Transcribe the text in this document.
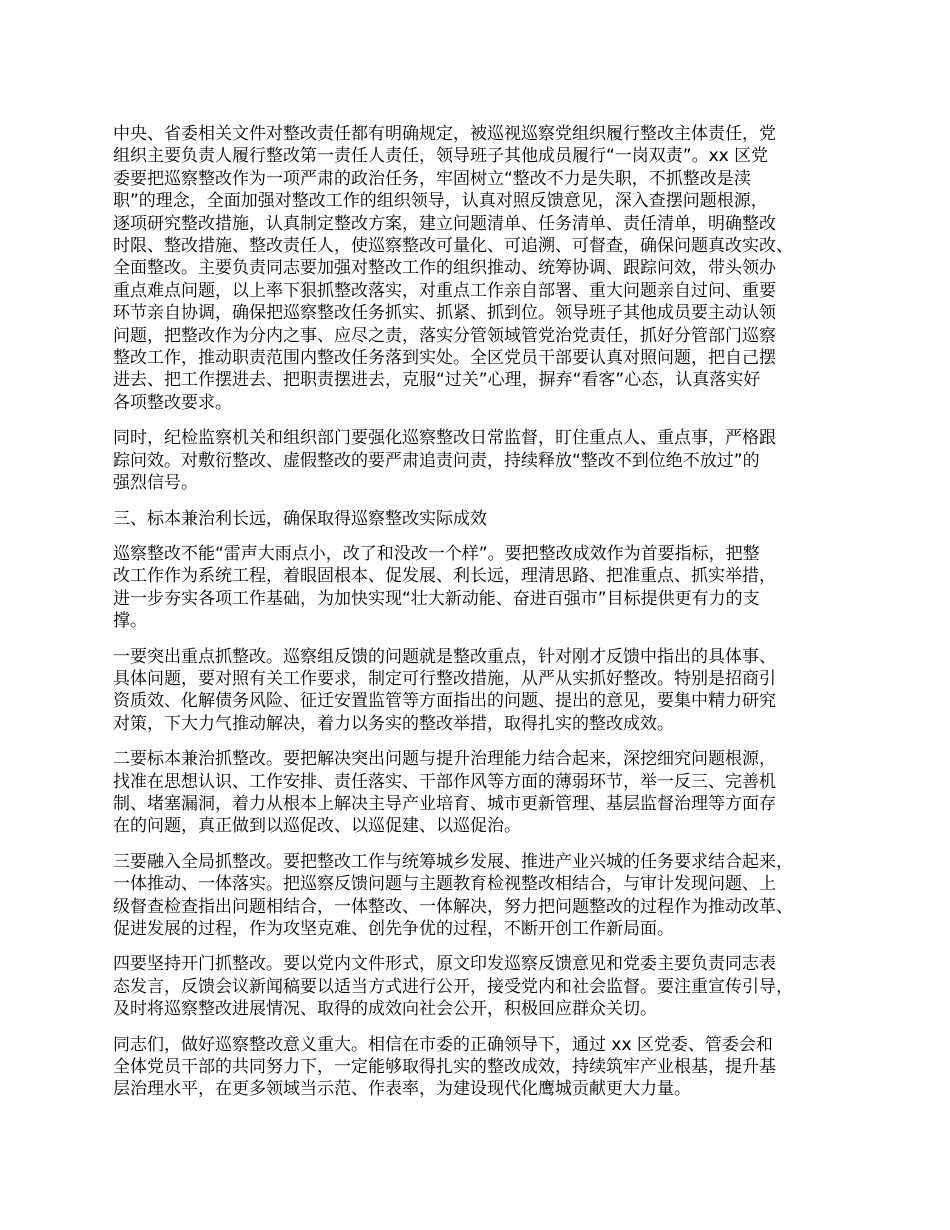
中央、省委相关文件对整改责任都有明确规定，被巡视巡察党组织履行整改主体责任，党
组织主要负责人履行整改第一责任人责任，领导班子其他成员履行“一岗双责”。xx 区党
委要把巡察整改作为一项严肃的政治任务，牢固树立“整改不力是失职，不抓整改是渎
职”的理念，全面加强对整改工作的组织领导，认真对照反馈意见，深入查摆问题根源，
逐项研究整改措施，认真制定整改方案，建立问题清单、任务清单、责任清单，明确整改
时限、整改措施、整改责任人，使巡察整改可量化、可追溯、可督查，确保问题真改实改、
全面整改。主要负责同志要加强对整改工作的组织推动、统筹协调、跟踪问效，带头领办
重点难点问题，以上率下狠抓整改落实，对重点工作亲自部署、重大问题亲自过问、重要
环节亲自协调，确保把巡察整改任务抓实、抓紧、抓到位。领导班子其他成员要主动认领
问题，把整改作为分内之事、应尽之责，落实分管领域管党治党责任，抓好分管部门巡察
整改工作，推动职责范围内整改任务落到实处。全区党员干部要认真对照问题，把自己摆
进去、把工作摆进去、把职责摆进去，克服“过关”心理，摒弃“看客”心态，认真落实好
各项整改要求。

同时，纪检监察机关和组织部门要强化巡察整改日常监督，盯住重点人、重点事，严格跟
踪问效。对敷衍整改、虚假整改的要严肃追责问责，持续释放“整改不到位绝不放过”的
强烈信号。

三、标本兼治利长远，确保取得巡察整改实际成效

巡察整改不能“雷声大雨点小，改了和没改一个样”。要把整改成效作为首要指标，把整
改工作作为系统工程，着眼固根本、促发展、利长远，理清思路、把准重点、抓实举措，
进一步夯实各项工作基础，为加快实现“壮大新动能、奋进百强市”目标提供更有力的支
撑。

一要突出重点抓整改。巡察组反馈的问题就是整改重点，针对刚才反馈中指出的具体事、
具体问题，要对照有关工作要求，制定可行整改措施，从严从实抓好整改。特别是招商引
资质效、化解债务风险、征迁安置监管等方面指出的问题、提出的意见，要集中精力研究
对策，下大力气推动解决，着力以务实的整改举措，取得扎实的整改成效。

二要标本兼治抓整改。要把解决突出问题与提升治理能力结合起来，深挖细究问题根源，
找准在思想认识、工作安排、责任落实、干部作风等方面的薄弱环节，举一反三、完善机
制、堵塞漏洞，着力从根本上解决主导产业培育、城市更新管理、基层监督治理等方面存
在的问题，真正做到以巡促改、以巡促建、以巡促治。

三要融入全局抓整改。要把整改工作与统筹城乡发展、推进产业兴城的任务要求结合起来，
一体推动、一体落实。把巡察反馈问题与主题教育检视整改相结合，与审计发现问题、上
级督查检查指出问题相结合，一体整改、一体解决，努力把问题整改的过程作为推动改革、
促进发展的过程，作为攻坚克难、创先争优的过程，不断开创工作新局面。

四要坚持开门抓整改。要以党内文件形式，原文印发巡察反馈意见和党委主要负责同志表
态发言，反馈会议新闻稿要以适当方式进行公开，接受党内和社会监督。要注重宣传引导，
及时将巡察整改进展情况、取得的成效向社会公开，积极回应群众关切。

同志们，做好巡察整改意义重大。相信在市委的正确领导下，通过 xx 区党委、管委会和
全体党员干部的共同努力下，一定能够取得扎实的整改成效，持续筑牢产业根基，提升基
层治理水平，在更多领域当示范、作表率，为建设现代化鹰城贡献更大力量。
